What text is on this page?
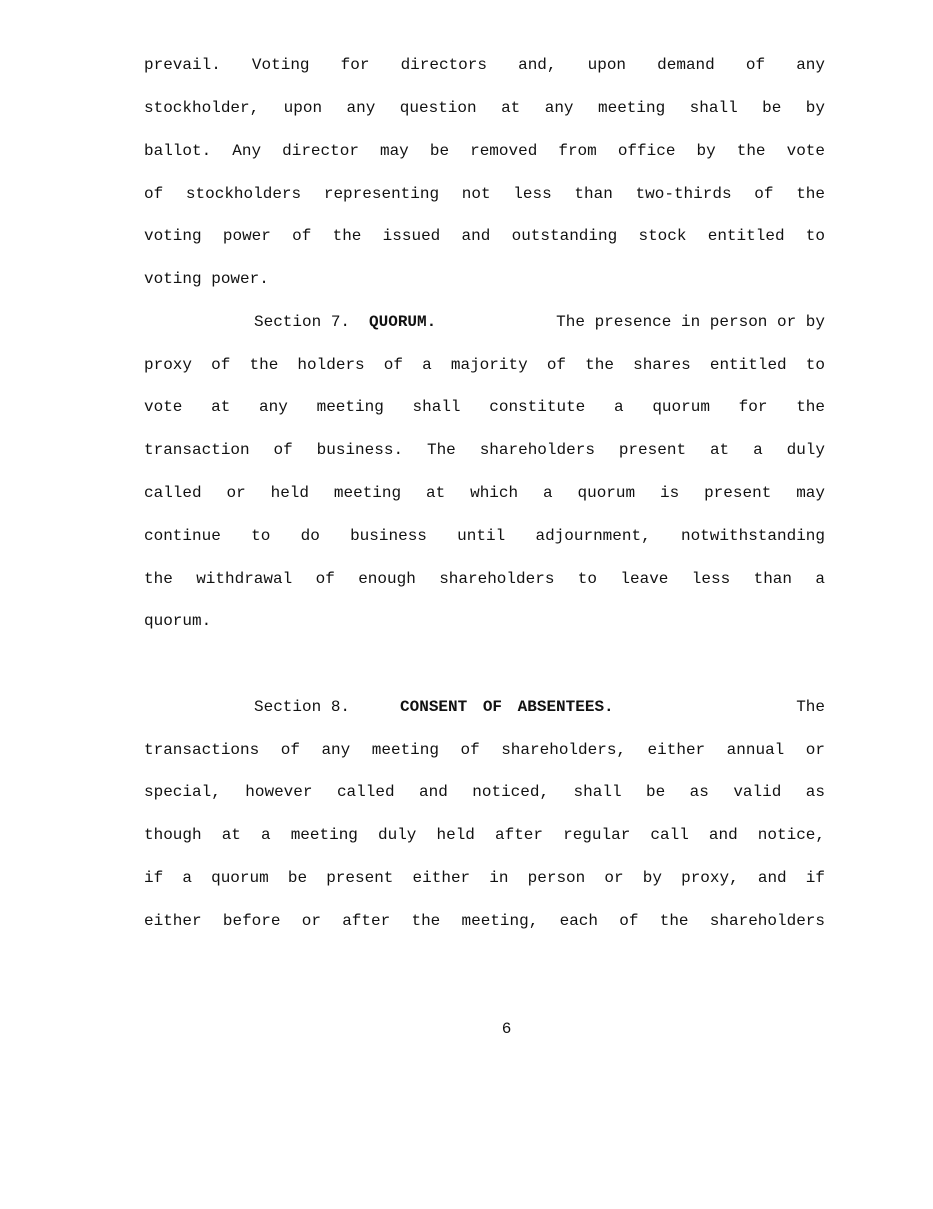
prevail. Voting for directors and, upon demand of any
stockholder, upon any question at any meeting shall be by
ballot. Any director may be removed from office by the vote
of stockholders representing not less than two-thirds of the
voting power of the issued and outstanding stock entitled to
voting power.
Section 7. QUORUM.	The presence in person or by
proxy of the holders of a majority of the shares entitled to
vote at any meeting shall constitute a quorum for the
transaction of business. The shareholders present at a duly
called or held meeting at which a quorum is present may
continue to do business until adjournment, notwithstanding
the withdrawal of enough shareholders to leave less than a
quorum.
Section 8.	CONSENT OF ABSENTEES.	The
transactions of any meeting of shareholders, either annual or
special, however called and noticed, shall be as valid as
though at a meeting duly held after regular call and notice,
if a quorum be present either in person or by proxy, and if
either before or after the meeting, each of the shareholders
6
